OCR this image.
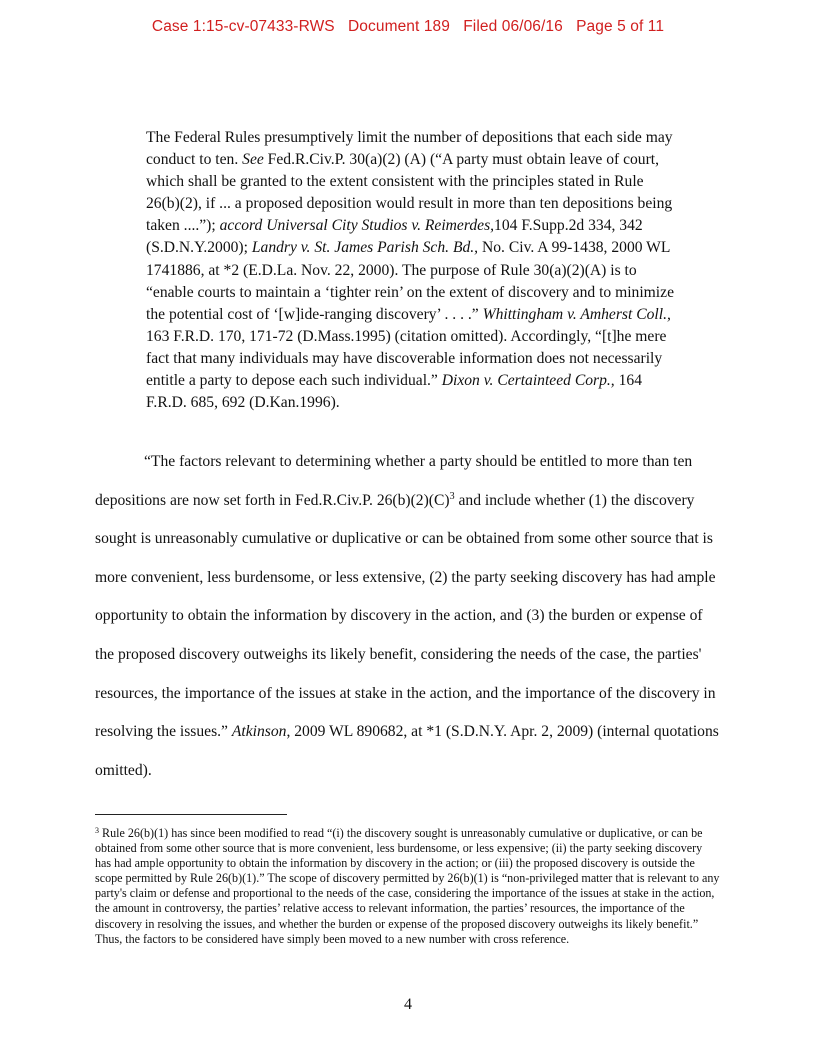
Case 1:15-cv-07433-RWS Document 189 Filed 06/06/16 Page 5 of 11

The Federal Rules presumptively limit the number of depositions that each side may conduct to ten. See Fed.R.Civ.P. 30(a)(2) (A) (“A party must obtain leave of court, which shall be granted to the extent consistent with the principles stated in Rule 26(b)(2), if ... a proposed deposition would result in more than ten depositions being taken ....”); accord Universal City Studios v. Reimerdes,104 F.Supp.2d 334, 342 (S.D.N.Y.2000); Landry v. St. James Parish Sch. Bd., No. Civ. A 99-1438, 2000 WL 1741886, at *2 (E.D.La. Nov. 22, 2000). The purpose of Rule 30(a)(2)(A) is to “enable courts to maintain a ‘tighter rein’ on the extent of discovery and to minimize the potential cost of ‘[w]ide-ranging discovery’ . . . .” Whittingham v. Amherst Coll., 163 F.R.D. 170, 171-72 (D.Mass.1995) (citation omitted). Accordingly, “[t]he mere fact that many individuals may have discoverable information does not necessarily entitle a party to depose each such individual.” Dixon v. Certainteed Corp., 164 F.R.D. 685, 692 (D.Kan.1996).

“The factors relevant to determining whether a party should be entitled to more than ten depositions are now set forth in Fed.R.Civ.P. $26(b)(2)(C)^3$ and include whether (1) the discovery sought is unreasonably cumulative or duplicative or can be obtained from some other source that is more convenient, less burdensome, or less extensive, (2) the party seeking discovery has had ample opportunity to obtain the information by discovery in the action, and (3) the burden or expense of the proposed discovery outweighs its likely benefit, considering the needs of the case, the parties' resources, the importance of the issues at stake in the action, and the importance of the discovery in resolving the issues.” Atkinson, 2009 WL 890682, at *1 (S.D.N.Y. Apr. 2, 2009) (internal quotations omitted).

$^3$ Rule 26(b)(1) has since been modified to read “(i) the discovery sought is unreasonably cumulative or duplicative, or can be obtained from some other source that is more convenient, less burdensome, or less expensive; (ii) the party seeking discovery has had ample opportunity to obtain the information by discovery in the action; or (iii) the proposed discovery is outside the scope permitted by Rule 26(b)(1).” The scope of discovery permitted by 26(b)(1) is “non-privileged matter that is relevant to any party's claim or defense and proportional to the needs of the case, considering the importance of the issues at stake in the action, the amount in controversy, the parties’ relative access to relevant information, the parties’ resources, the importance of the discovery in resolving the issues, and whether the burden or expense of the proposed discovery outweighs its likely benefit.” Thus, the factors to be considered have simply been moved to a new number with cross reference.

4
